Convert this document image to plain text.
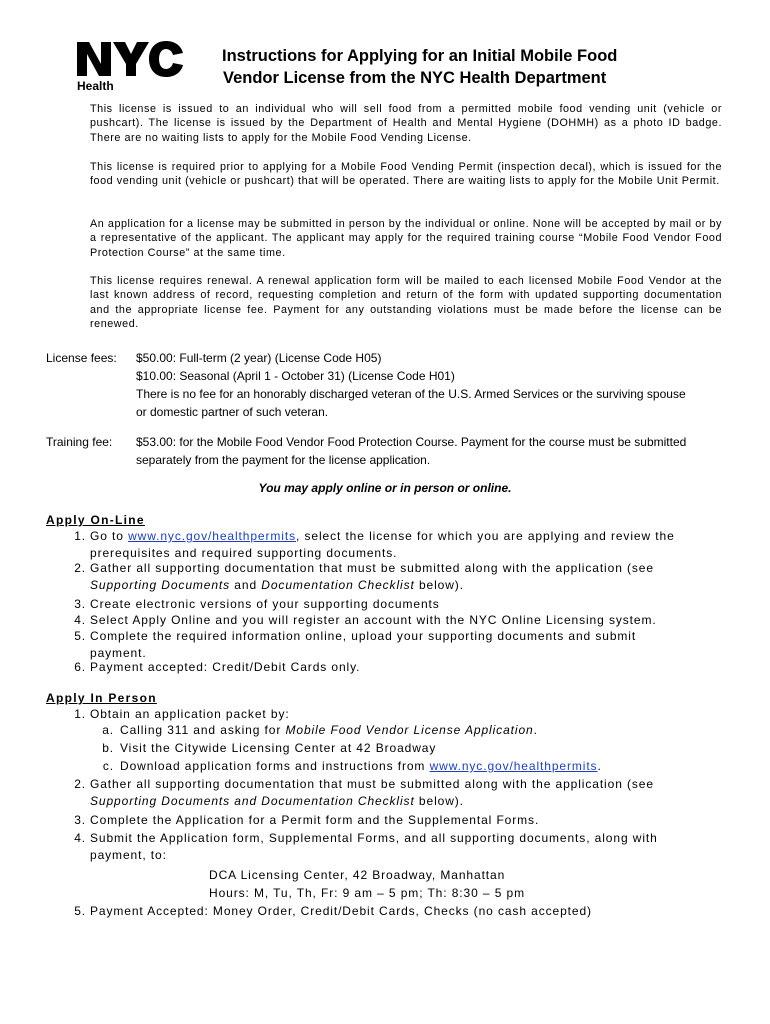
Health
Instructions for Applying for an Initial Mobile Food
Vendor License from the NYC Health Department
This license is issued to an individual who will sell food from a permitted mobile food vending unit (vehicle or pushcart). The license is issued by the Department of Health and Mental Hygiene (DOHMH) as a photo ID badge. There are no waiting lists to apply for the Mobile Food Vending License.
This license is required prior to applying for a Mobile Food Vending Permit (inspection decal), which is issued for the food vending unit (vehicle or pushcart) that will be operated. There are waiting lists to apply for the Mobile Unit Permit.
An application for a license may be submitted in person by the individual or online. None will be accepted by mail or by a representative of the applicant. The applicant may apply for the required training course “Mobile Food Vendor Food Protection Course” at the same time.
This license requires renewal. A renewal application form will be mailed to each licensed Mobile Food Vendor at the last known address of record, requesting completion and return of the form with updated supporting documentation and the appropriate license fee. Payment for any outstanding violations must be made before the license can be renewed.
License fees:	$50.00: Full-term (2 year) (License Code H05)
$10.00: Seasonal (April 1 - October 31) (License Code H01)
There is no fee for an honorably discharged veteran of the U.S. Armed Services or the surviving spouse
or domestic partner of such veteran.
Training fee:	$53.00: for the Mobile Food Vendor Food Protection Course. Payment for the course must be submitted
separately from the payment for the license application.
You may apply online or in person or online.
Apply On-Line
1. Go to www.nyc.gov/healthpermits, select the license for which you are applying and review the
prerequisites and required supporting documents.
2. Gather all supporting documentation that must be submitted along with the application (see
Supporting Documents and Documentation Checklist below).
3. Create electronic versions of your supporting documents
4. Select Apply Online and you will register an account with the NYC Online Licensing system.
5. Complete the required information online, upload your supporting documents and submit
payment.
6. Payment accepted: Credit/Debit Cards only.
Apply In Person
1. Obtain an application packet by:
a. Calling 311 and asking for Mobile Food Vendor License Application.
b. Visit the Citywide Licensing Center at 42 Broadway
c. Download application forms and instructions from www.nyc.gov/healthpermits.
2. Gather all supporting documentation that must be submitted along with the application (see
Supporting Documents and Documentation Checklist below).
3. Complete the Application for a Permit form and the Supplemental Forms.
4. Submit the Application form, Supplemental Forms, and all supporting documents, along with
payment, to:
DCA Licensing Center, 42 Broadway, Manhattan
Hours: M, Tu, Th, Fr: 9 am – 5 pm; Th: 8:30 – 5 pm
5. Payment Accepted: Money Order, Credit/Debit Cards, Checks (no cash accepted)
